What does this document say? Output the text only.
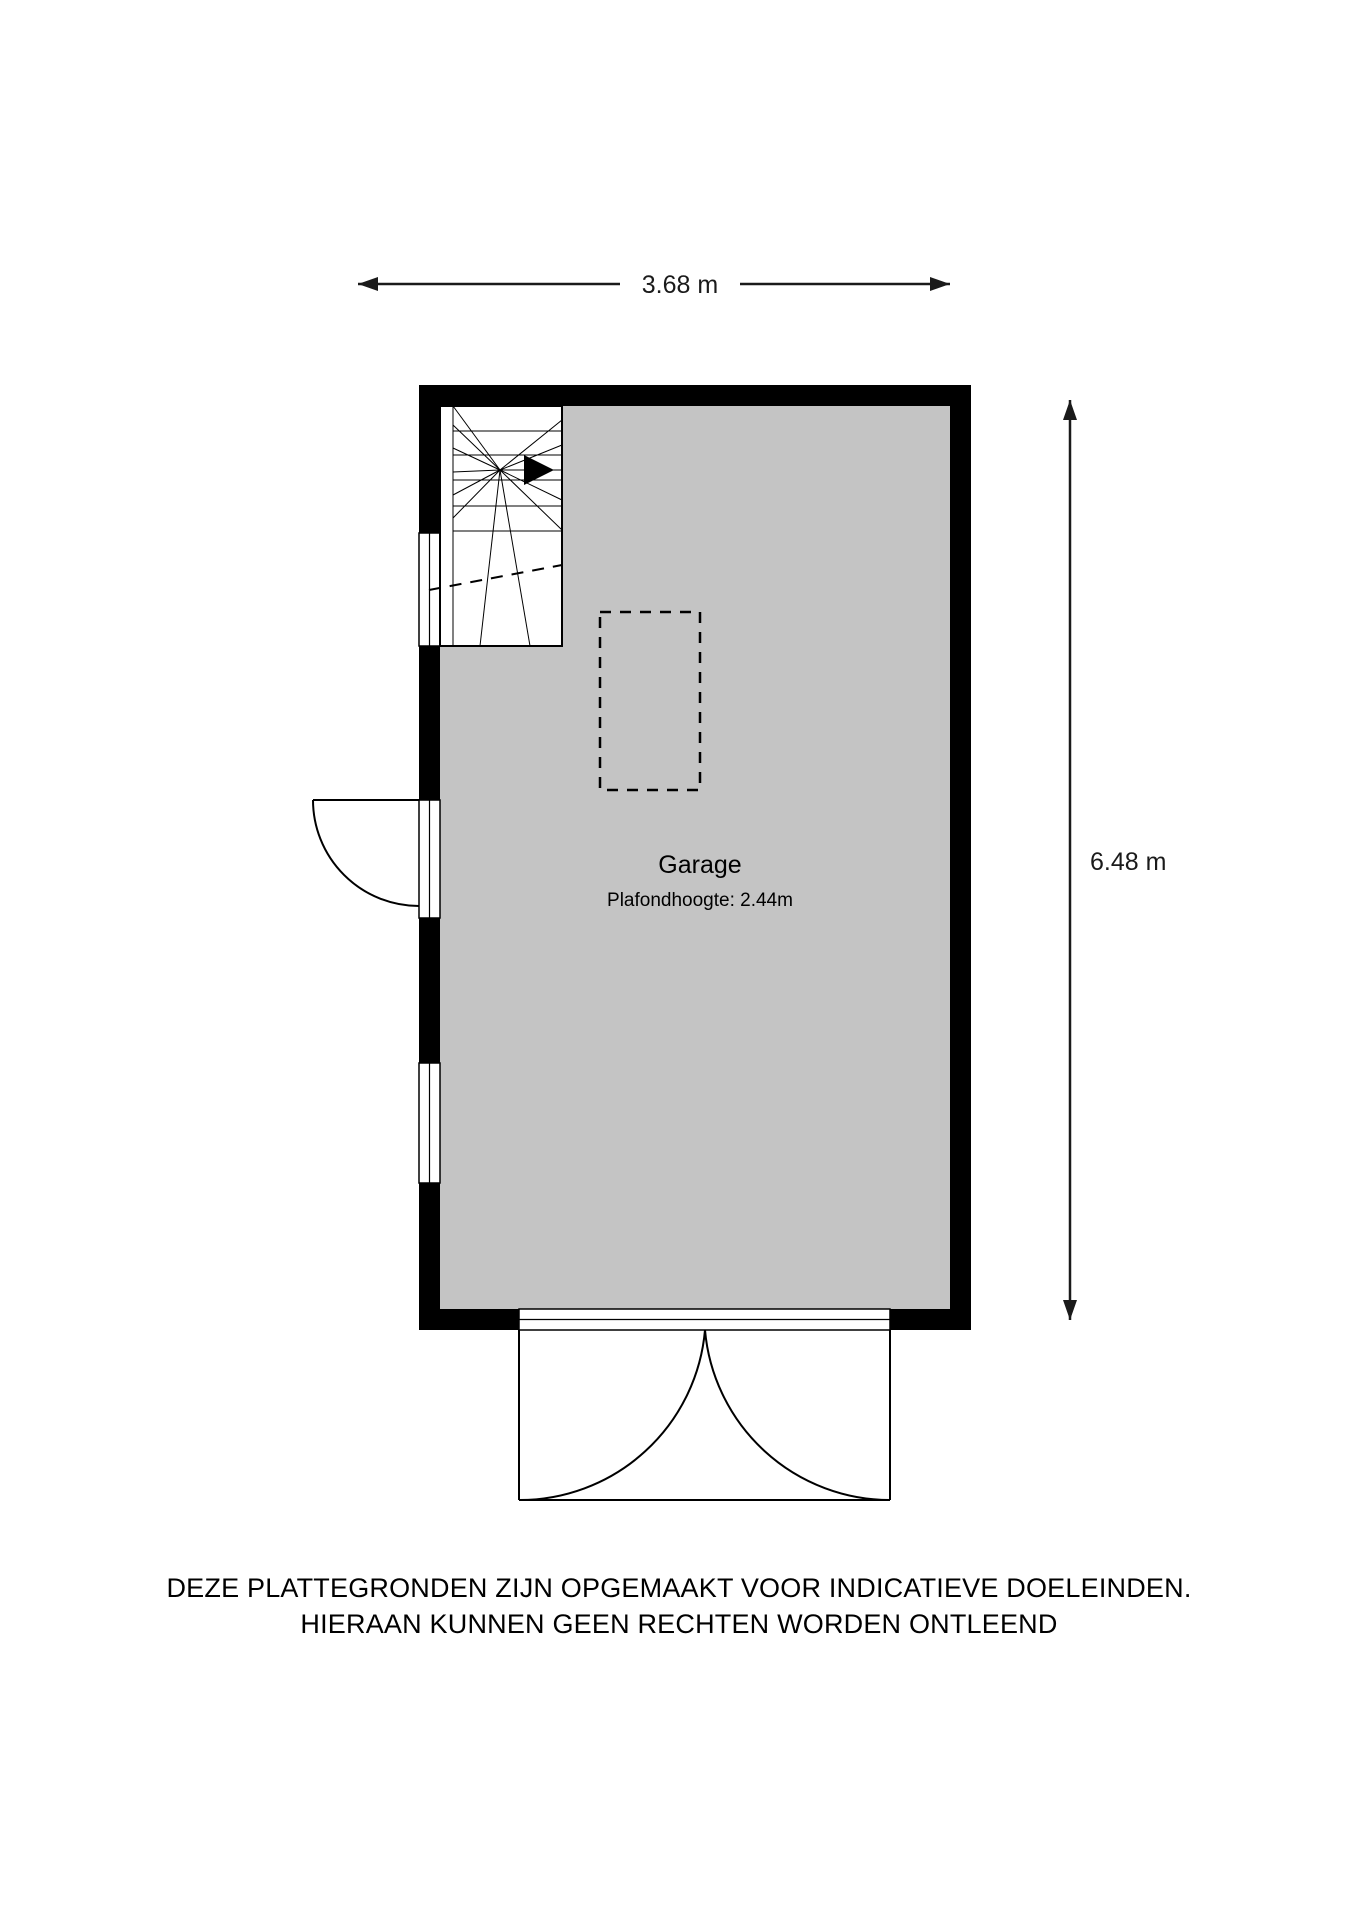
3.68 m
6.48 m
Garage
Plafondhoogte: 2.44m
DEZE PLATTEGRONDEN ZIJN OPGEMAAKT VOOR INDICATIEVE DOELEINDEN.
HIERAAN KUNNEN GEEN RECHTEN WORDEN ONTLEEND
